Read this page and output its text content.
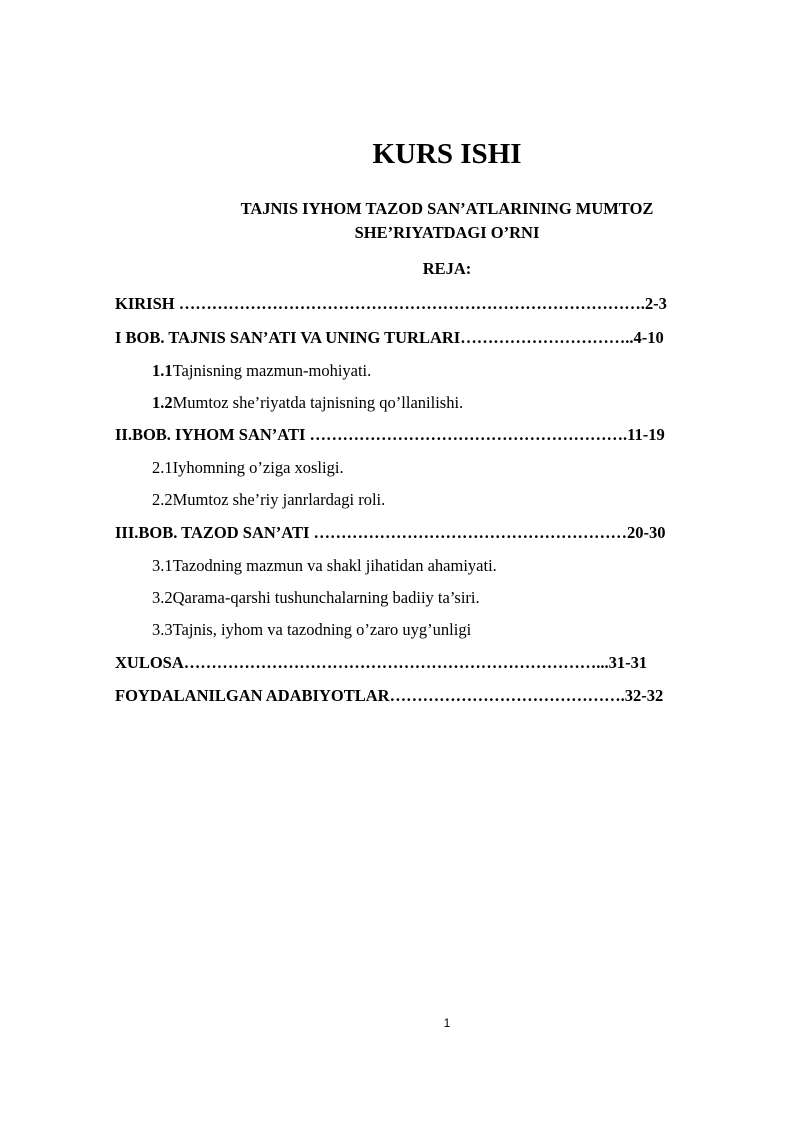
KURS ISHI
TAJNIS IYHOM TAZOD SAN’ATLARINING MUMTOZ
SHE’RIYATDAGI O’RNI
REJA:
KIRISH ………………………………………………………………………….2-3
I BOB. TAJNIS SAN’ATI VA UNING TURLARI…………………………..4-10
1.1Tajnisning mazmun-mohiyati.
1.2Mumtoz she’riyatda tajnisning qo’llanilishi.
II.BOB. IYHOM SAN’ATI ………………………………………………….11-19
2.1Iyhomning o’ziga xosligi.
2.2Mumtoz she’riy janrlardagi roli.
III.BOB. TAZOD SAN’ATI …………………………………………………20-30
3.1Tazodning mazmun va shakl jihatidan ahamiyati.
3.2Qarama-qarshi tushunchalarning badiiy ta’siri.
3.3Tajnis, iyhom va tazodning o’zaro uyg’unligi
XULOSA…………………………………………………………………...31-31
FOYDALANILGAN ADABIYOTLAR…………………………………….32-32
1
